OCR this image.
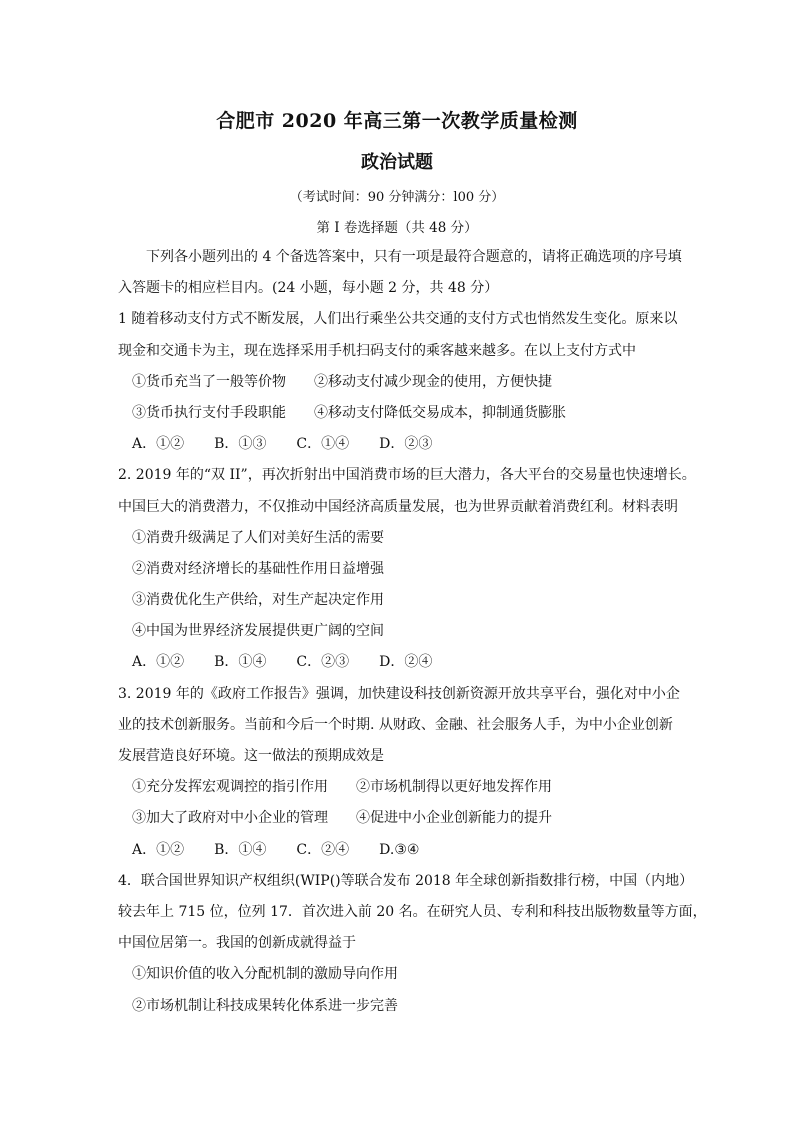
合肥市 2020 年高三第一次教学质量检测
政治试题
（考试时间：90 分钟满分：l00 分）
第 I 卷选择题（共 48 分）
下列各小题列出的 4 个备选答案中，只有一项是最符合题意的，请将正确选项的序号填
入答题卡的相应栏目内。(24 小题，每小题 2 分，共 48 分）
1 随着移动支付方式不断发展，人们出行乘坐公共交通的支付方式也悄然发生变化。原来以
现金和交通卡为主，现在选择采用手机扫码支付的乘客越来越多。在以上支付方式中
①货币充当了一般等价物 ②移动支付减少现金的使用，方便快捷
③货币执行支付手段职能 ④移动支付降低交易成本，抑制通货膨胀
A．①② B．①③ C．①④ D．②③
2. 2019 年的“双 II”，再次折射出中国消费市场的巨大潜力，各大平台的交易量也快速增长。
中国巨大的消费潜力，不仅推动中国经济高质量发展，也为世界贡献着消费红利。材料表明
①消费升级满足了人们对美好生活的需要
②消费对经济增长的基础性作用日益增强
③消费优化生产供给，对生产起决定作用
④中国为世界经济发展提供更广阔的空间
A．①② B．①④ C．②③ D．②④
3. 2019 年的《政府工作报告》强调，加快建设科技创新资源开放共享平台，强化对中小企
业的技术创新服务。当前和今后一个时期. 从财政、金融、社会服务人手，为中小企业创新
发展营造良好环境。这一做法的预期成效是
①充分发挥宏观调控的指引作用 ②市场机制得以更好地发挥作用
③加大了政府对中小企业的管理 ④促进中小企业创新能力的提升
A．①② B．①④ C．②④ D.③④
4．联合国世界知识产权组织(WIP()等联合发布 2018 年全球创新指数排行榜，中国（内地）
较去年上 715 位，位列 17．首次进入前 20 名。在研究人员、专利和科技出版物数量等方面，
中国位居第一。我国的创新成就得益于
①知识价值的收入分配机制的激励导向作用
②市场机制让科技成果转化体系进一步完善
